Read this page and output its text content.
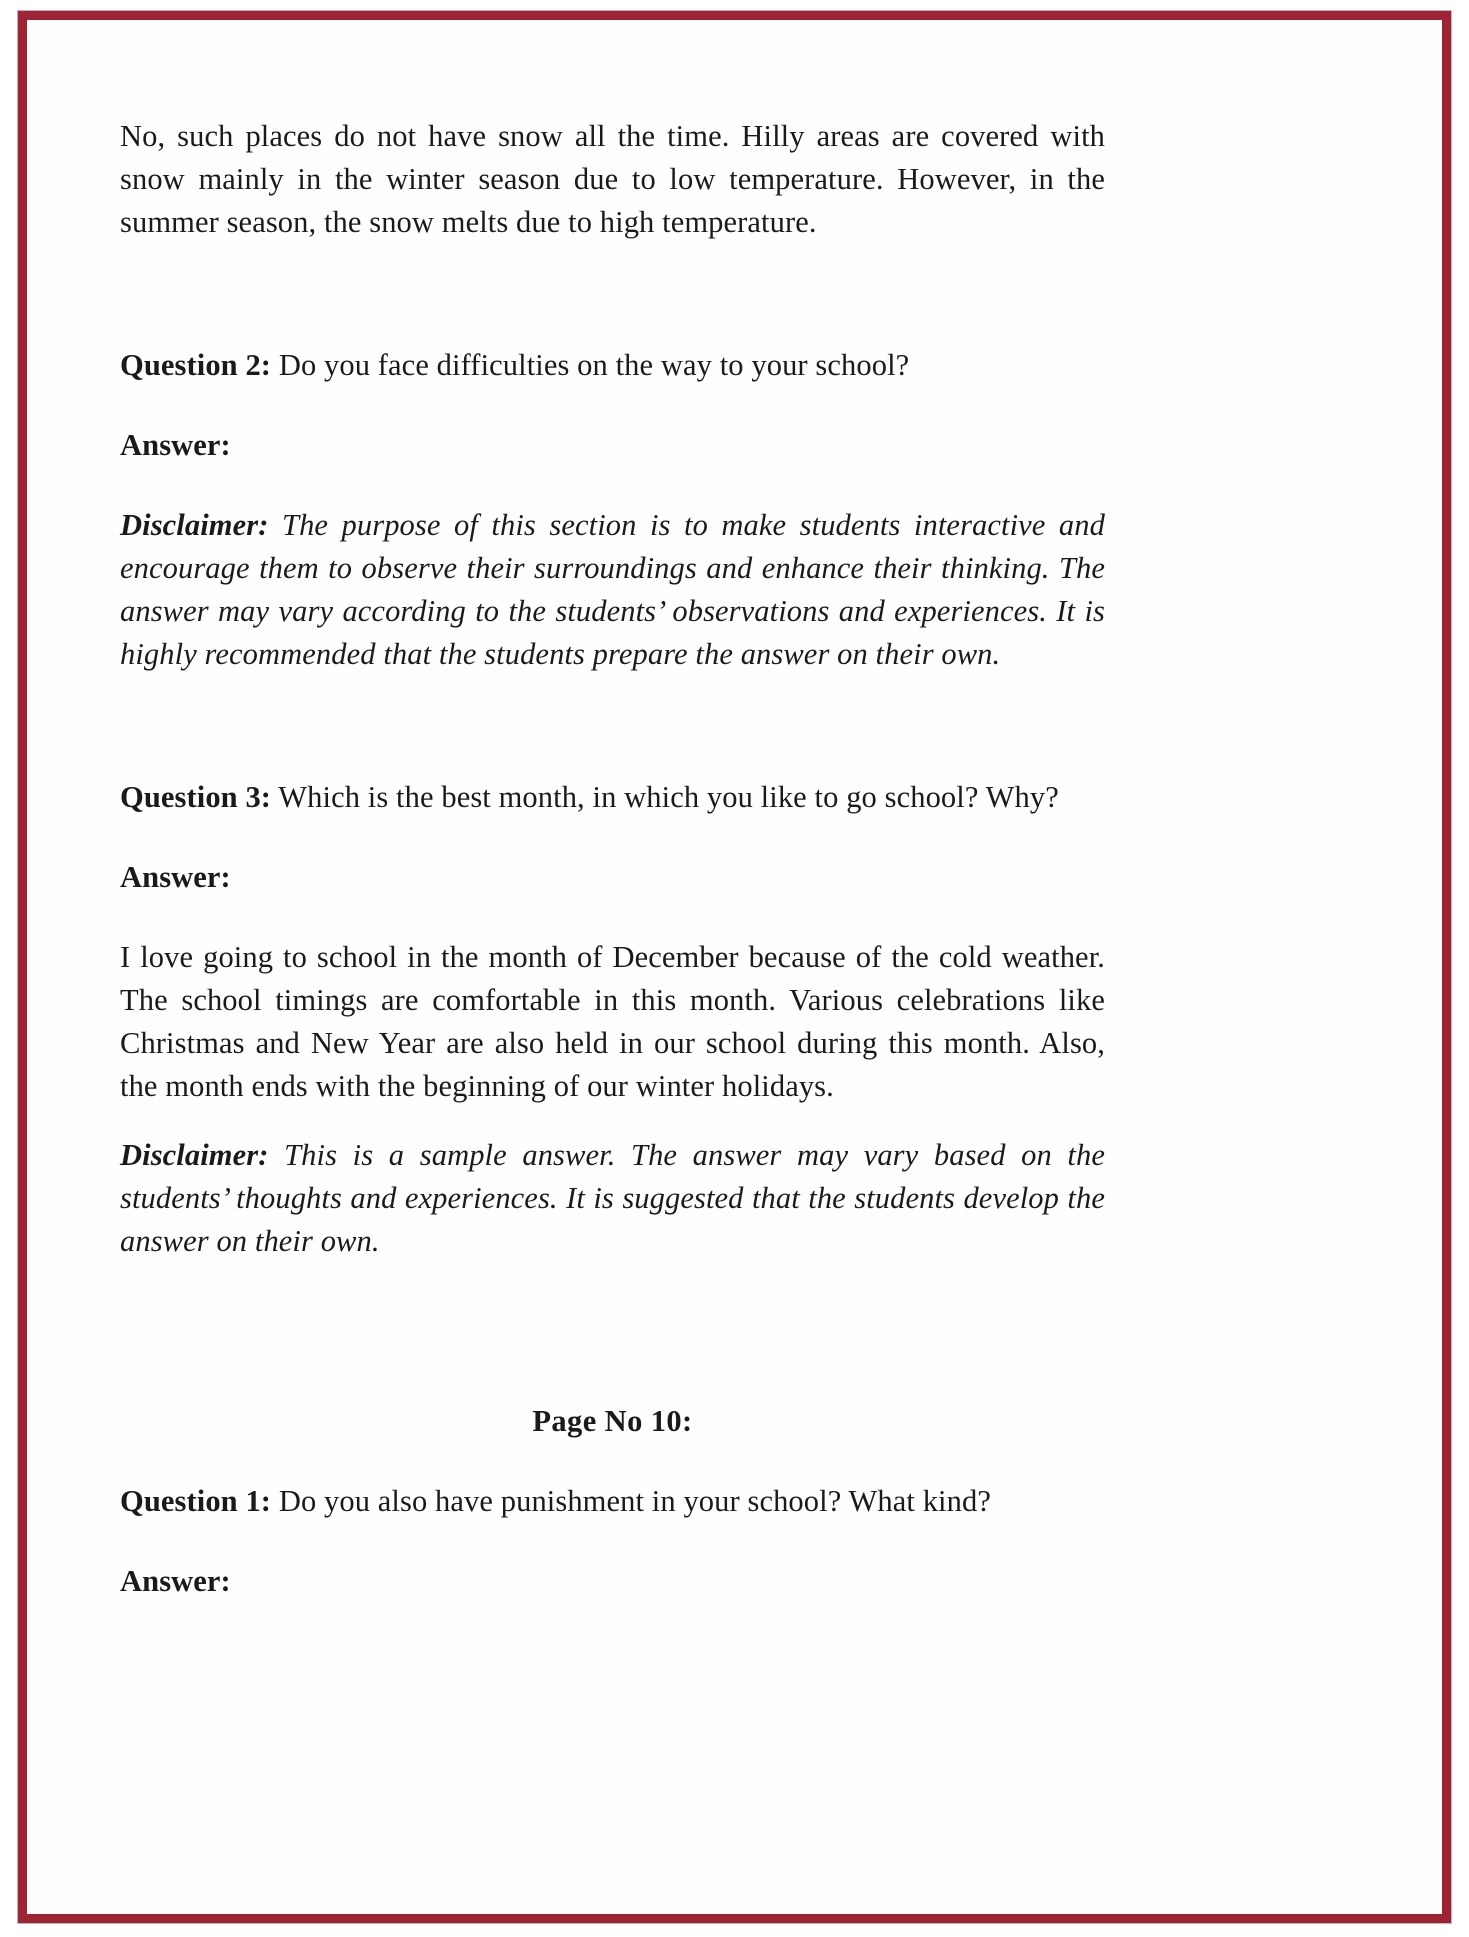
No, such places do not have snow all the time. Hilly areas are covered with snow mainly in the winter season due to low temperature. However, in the summer season, the snow melts due to high temperature.

Question 2: Do you face difficulties on the way to your school?

Answer:

Disclaimer: The purpose of this section is to make students interactive and encourage them to observe their surroundings and enhance their thinking. The answer may vary according to the students’ observations and experiences. It is highly recommended that the students prepare the answer on their own.

Question 3: Which is the best month, in which you like to go school? Why?

Answer:

I love going to school in the month of December because of the cold weather. The school timings are comfortable in this month. Various celebrations like Christmas and New Year are also held in our school during this month. Also, the month ends with the beginning of our winter holidays.

Disclaimer: This is a sample answer. The answer may vary based on the students’ thoughts and experiences. It is suggested that the students develop the answer on their own.

Page No 10:

Question 1: Do you also have punishment in your school? What kind?

Answer:
